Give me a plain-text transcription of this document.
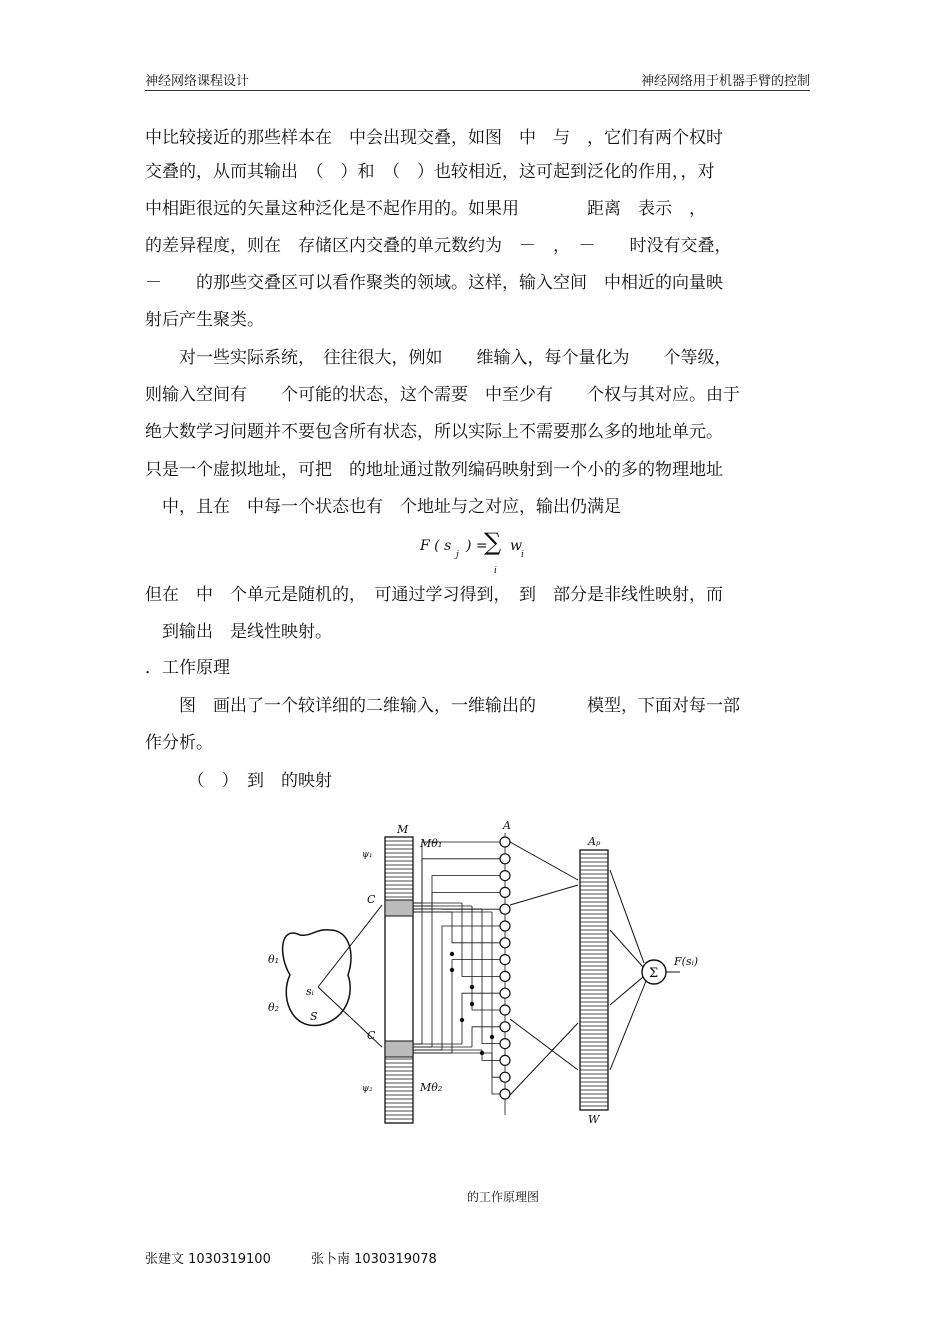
神经网络课程设计	神经网络用于机器手臂的控制
中比较接近的那些样本在　中会出现交叠，如图　中　与　，它们有两个权时
交叠的，从而其输出　（　）和　（　）也较相近，这可起到泛化的作用，，对
中相距很远的矢量这种泛化是不起作用的。如果用　　　　距离　表示　，
的差异程度，则在　存储区内交叠的单元数约为　－　，　－　　时没有交叠，
－　　的那些交叠区可以看作聚类的领域。这样，输入空间　中相近的向量映
射后产生聚类。
　　对一些实际系统，　往往很大，例如　　维输入，每个量化为　　个等级，
则输入空间有　　个可能的状态，这个需要　中至少有　　个权与其对应。由于
绝大数学习问题并不要包含所有状态，所以实际上不需要那么多的地址单元。
只是一个虚拟地址，可把　的地址通过散列编码映射到一个小的多的物理地址
　中，且在　中每一个状态也有　个地址与之对应，输出仍满足
F ( s
j
) =
∑
i
w
i
但在　中　个单元是随机的，　可通过学习得到，　到　部分是非线性映射，而
　到输出　是线性映射。
．工作原理
　　图　画出了一个较详细的二维输入，一维输出的　　　模型，下面对每一部
作分析。
　　　（　）　到　的映射
M
Mθ₁
Mθ₂
A
Aₚ
W
C
C
θ₁
θ₂
sᵢ
S
ψ₁
ψ₂
Σ
F(sᵢ)
的工作原理图
张建文 1030319100	张卜南 1030319078
